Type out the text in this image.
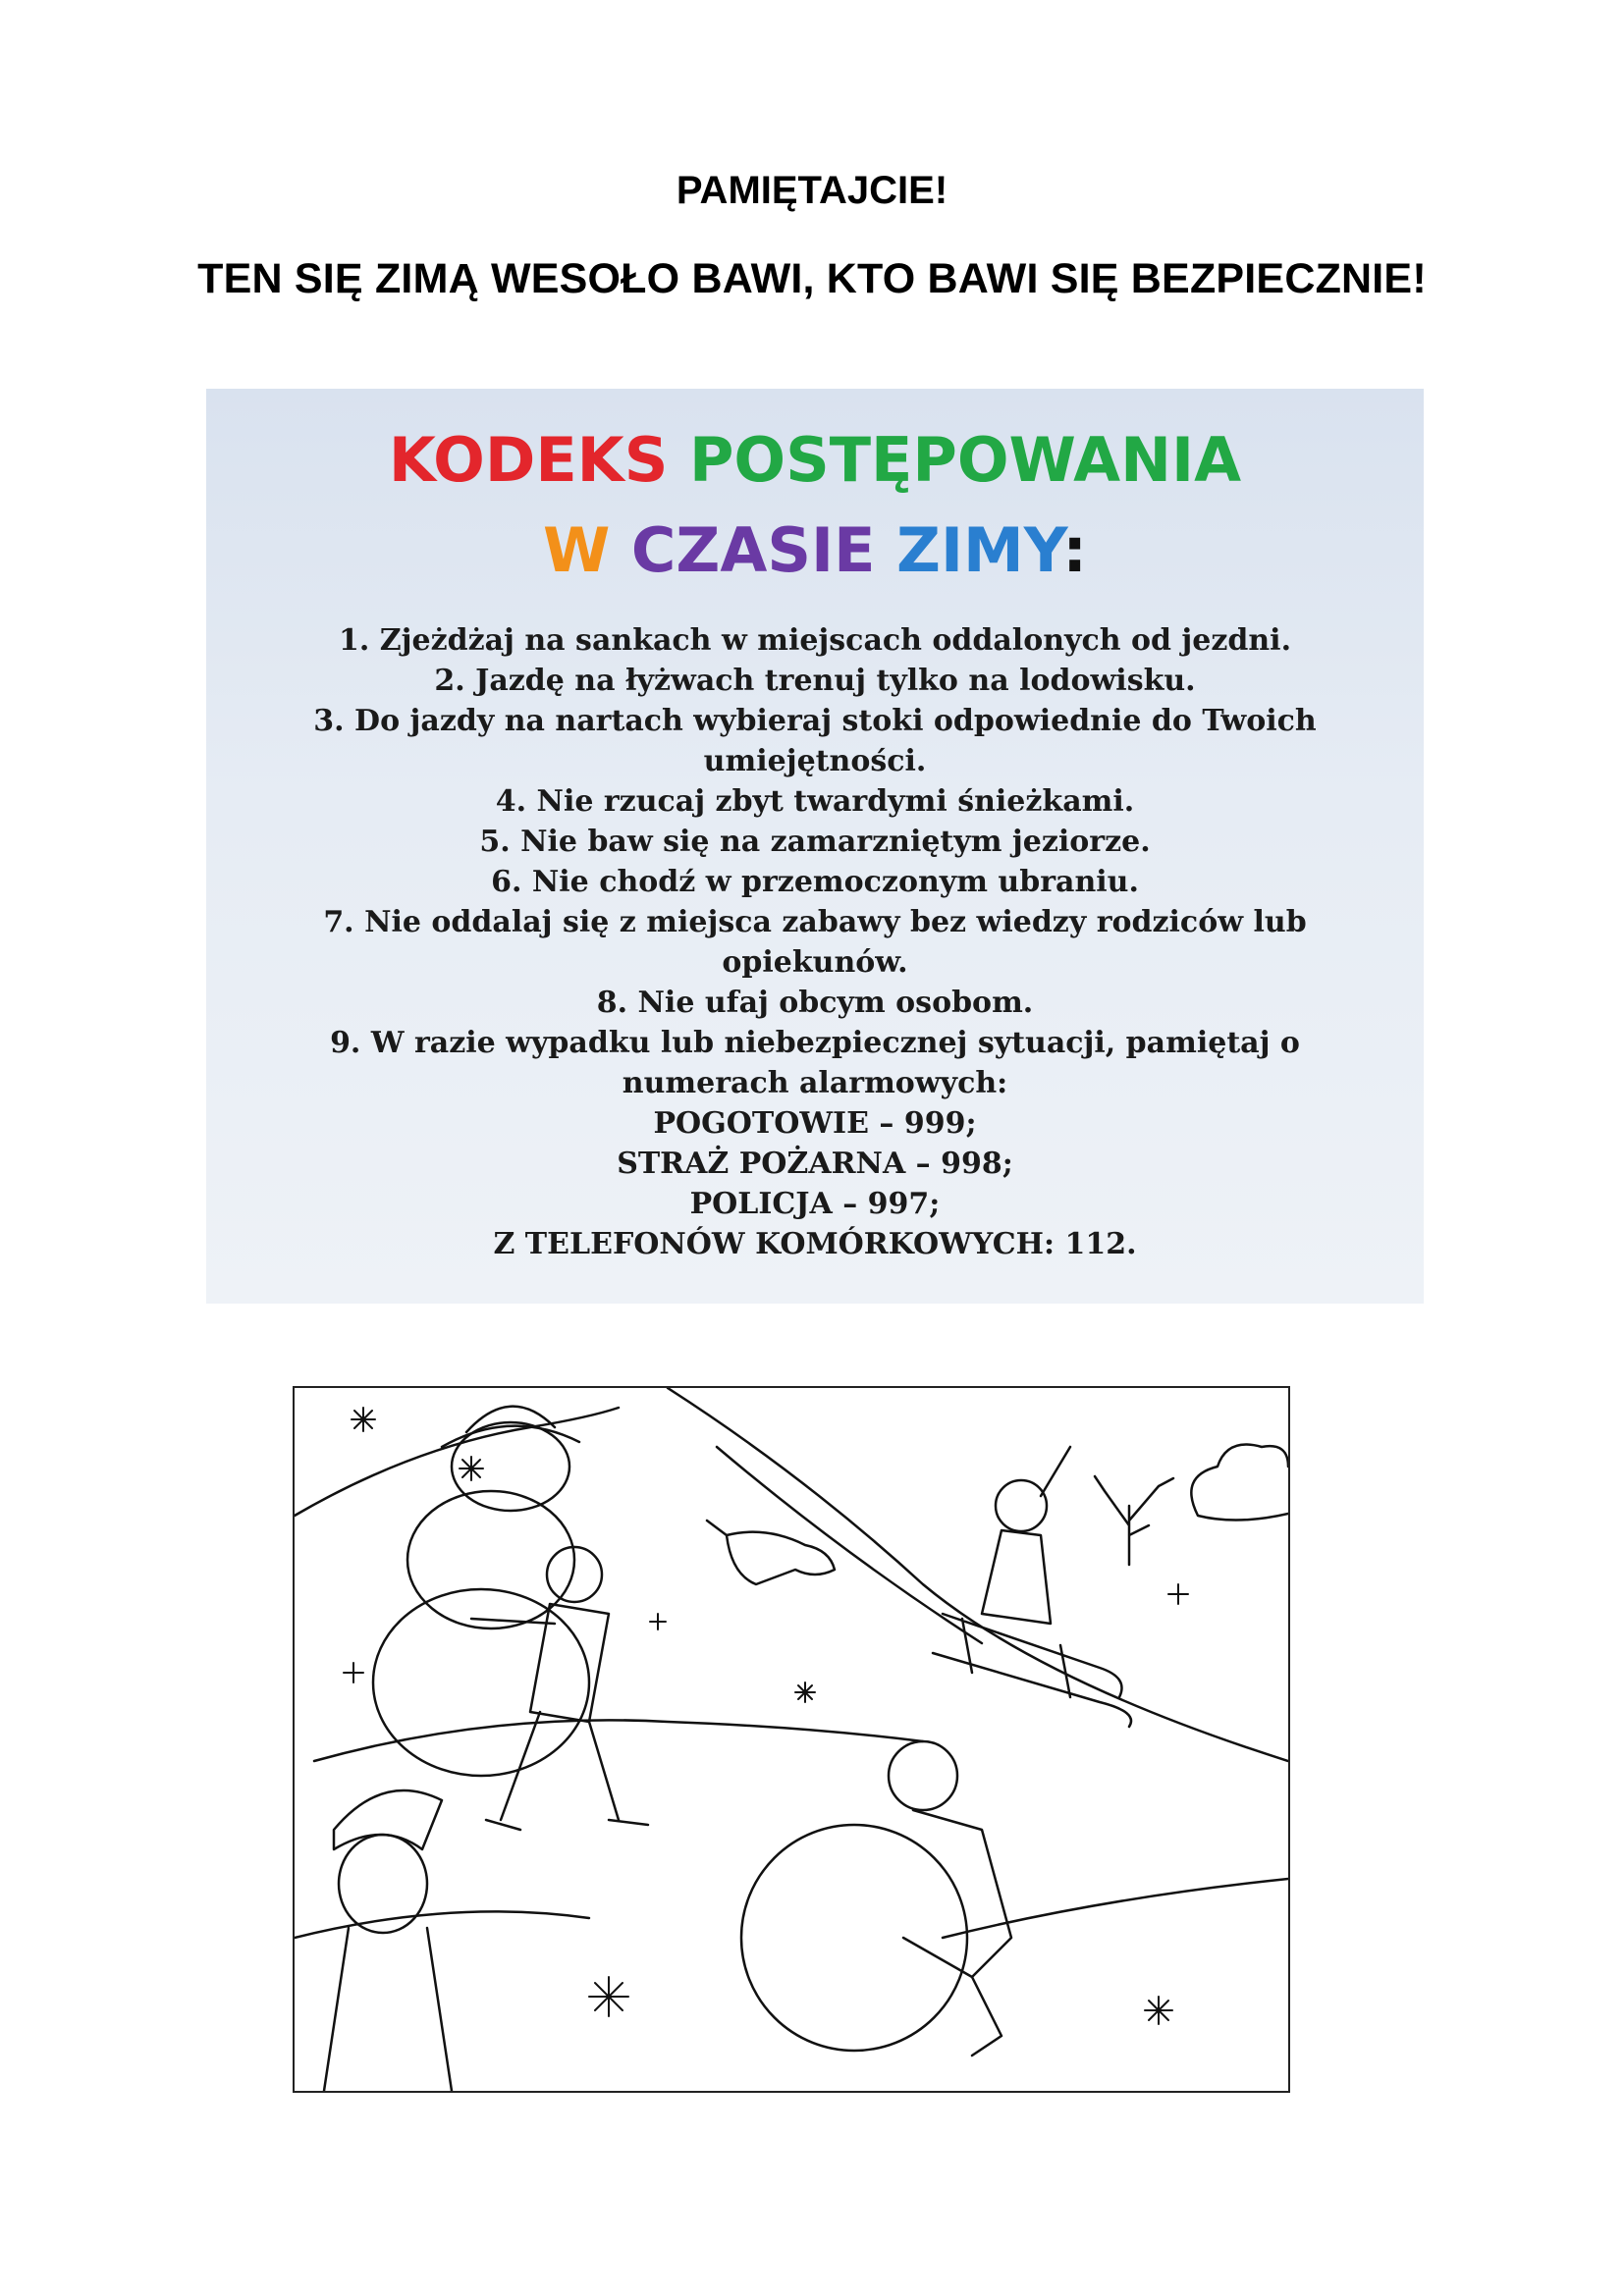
PAMIĘTAJCIE!
TEN SIĘ ZIMĄ WESOŁO BAWI, KTO BAWI SIĘ BEZPIECZNIE!
KODEKS POSTĘPOWANIA
W CZASIE ZIMY:
1. Zjeżdżaj na sankach w miejscach oddalonych od jezdni.
2. Jazdę na łyżwach trenuj tylko na lodowisku.
3. Do jazdy na nartach wybieraj stoki odpowiednie do Twoich umiejętności.
4. Nie rzucaj zbyt twardymi śnieżkami.
5. Nie baw się na zamarzniętym jeziorze.
6. Nie chodź w przemoczonym ubraniu.
7. Nie oddalaj się z miejsca zabawy bez wiedzy rodziców lub opiekunów.
8. Nie ufaj obcym osobom.
9. W razie wypadku lub niebezpiecznej sytuacji, pamiętaj o numerach alarmowych:
POGOTOWIE – 999;
STRAŻ POŻARNA – 998;
POLICJA – 997;
Z TELEFONÓW KOMÓRKOWYCH: 112.
